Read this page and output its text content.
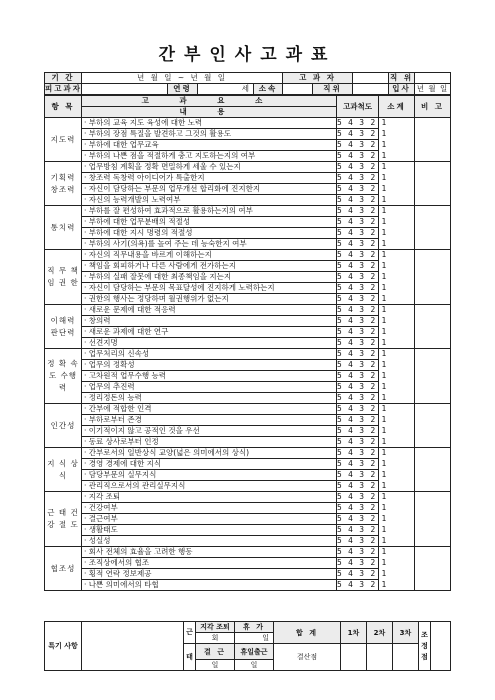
간부인사고과표
기 간	년 월 일 ~ 년 월 일				고 과 자			직 위	
피고과자		연령	세	소속		직위		입사	년 월 일
항 목	고 과 요 소	고과척도	소계	비 고
	내 용			
지도력	· 부하의 교육 지도 육성에 대한 노력	5 4 3 2 1		
	· 부하의 장점 특질을 발견하고 그것의 활용도	5 4 3 2 1		
	· 부하에 대한 업무교육	5 4 3 2 1		
	· 부하의 나쁜 점을 적절하게 충고 지도하는지의 여부	5 4 3 2 1		
기획력 창조력	· 업무방침 계획을 정확 면밀하게 세울 수 있는지	5 4 3 2 1		
	· 창조력 독창력 아이디어가 특출한지	5 4 3 2 1		
	· 자신이 담당하는 부문의 업무개선 합리화에 진지한지	5 4 3 2 1		
	· 자신의 능력개발의 노력여부	5 4 3 2 1		
통치력	· 부하를 잘 편성하여 효과적으로 활용하는지의 여부	5 4 3 2 1		
	· 부하에 대한 업무분배의 적절성	5 4 3 2 1		
	· 부하에 대한 지시 명령의 적절성	5 4 3 2 1		
	· 부하의 사기(의욕)를 높여 주는 데 능숙한지 여부	5 4 3 2 1		
직 무 책 임 권 한	· 자신의 직무내용을 바르게 이해하는지	5 4 3 2 1		
	· 책임을 회피하거나 다른 사람에게 전가하는지	5 4 3 2 1		
	· 부하의 실패 잘못에 대한 최종책임을 지는지	5 4 3 2 1		
	· 자신이 담당하는 부문의 목표달성에 진지하게 노력하는지	5 4 3 2 1		
	· 권한의 행사는 정당하며 월권행위가 없는지	5 4 3 2 1		
이해력 판단력	· 새로운 문제에 대한 적응력	5 4 3 2 1		
	· 창의력	5 4 3 2 1		
	· 새로운 과제에 대한 연구	5 4 3 2 1		
	· 선견지명	5 4 3 2 1		
정 확 속 도 수행력	· 업무처리의 신속성	5 4 3 2 1		
	· 업무의 정확성	5 4 3 2 1		
	· 고차원적 업무수행 능력	5 4 3 2 1		
	· 업무의 추진력	5 4 3 2 1		
	· 정리정돈의 능력	5 4 3 2 1		
인간성	· 간부에 적합한 인격	5 4 3 2 1		
	· 부하로부터 존경	5 4 3 2 1		
	· 이기적이지 않고 공적인 것을 우선	5 4 3 2 1		
	· 동료 상사로부터 인정	5 4 3 2 1		
지 식 상 식	· 간부로서의 일반상식 교양(넓은 의미에서의 상식)	5 4 3 2 1		
	· 경영 경제에 대한 지식	5 4 3 2 1		
	· 담당부문의 실무지식	5 4 3 2 1		
	· 관리직으로서의 관리실무지식	5 4 3 2 1		
근 태 건 강 절 도	· 지각 조퇴	5 4 3 2 1		
	· 건강여부	5 4 3 2 1		
	· 결근여부	5 4 3 2 1		
	· 생활태도	5 4 3 2 1		
	· 성실성	5 4 3 2 1		
협조성	· 회사 전체의 효율을 고려한 행동	5 4 3 2 1		
	· 조직상에서의 협조	5 4 3 2 1		
	· 횡적 연락 정보제공	5 4 3 2 1		
	· 나쁜 의미에서의 타협	5 4 3 2 1		
특기 사항		근	지각 조퇴	휴 가	합 계	1차	2차	3차	조 정 점	
			회	일						
		태	결 근	휴일출근	결산점					
			일	일						
